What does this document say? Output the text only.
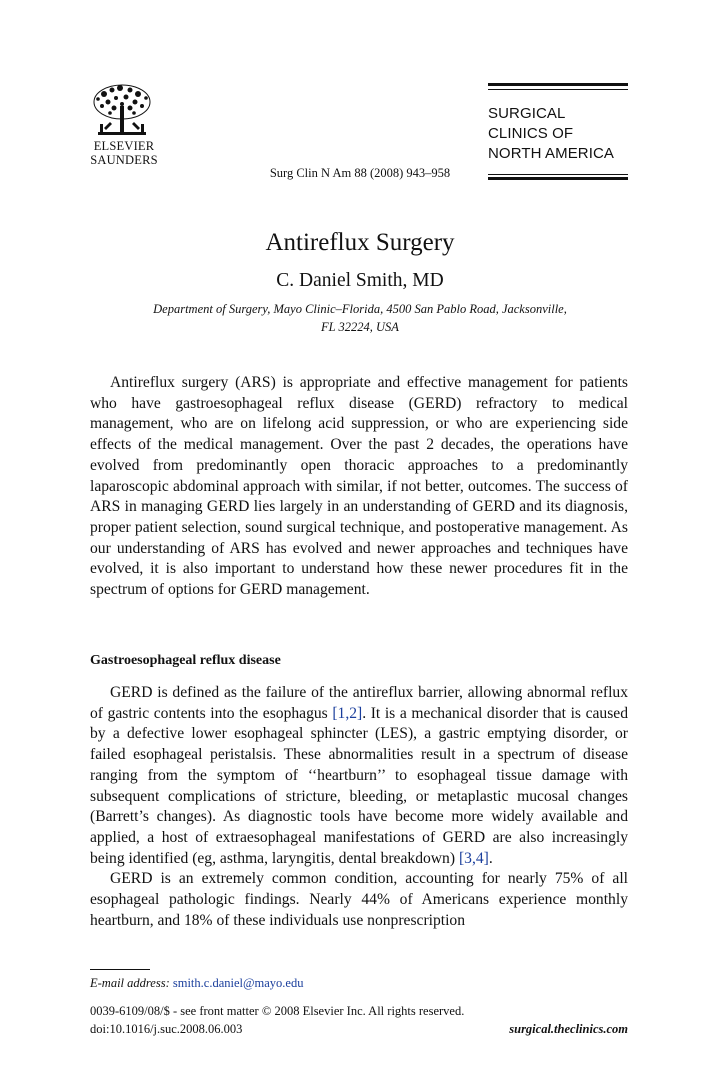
ELSEVIER
SAUNDERS
SURGICAL
CLINICS OF
NORTH AMERICA
Surg Clin N Am 88 (2008) 943–958
Antireflux Surgery
C. Daniel Smith, MD
Department of Surgery, Mayo Clinic–Florida, 4500 San Pablo Road, Jacksonville,
FL 32224, USA

Antireflux surgery (ARS) is appropriate and effective management for patients who have gastroesophageal reflux disease (GERD) refractory to medical management, who are on lifelong acid suppression, or who are experiencing side effects of the medical management. Over the past 2 decades, the operations have evolved from predominantly open thoracic approaches to a predominantly laparoscopic abdominal approach with similar, if not better, outcomes. The success of ARS in managing GERD lies largely in an understanding of GERD and its diagnosis, proper patient selection, sound surgical technique, and postoperative management. As our understanding of ARS has evolved and newer approaches and techniques have evolved, it is also important to understand how these newer procedures fit in the spectrum of options for GERD management.

Gastroesophageal reflux disease

GERD is defined as the failure of the antireflux barrier, allowing abnormal reflux of gastric contents into the esophagus [1,2]. It is a mechanical disorder that is caused by a defective lower esophageal sphincter (LES), a gastric emptying disorder, or failed esophageal peristalsis. These abnormalities result in a spectrum of disease ranging from the symptom of ‘‘heartburn’’ to esophageal tissue damage with subsequent complications of stricture, bleeding, or metaplastic mucosal changes (Barrett’s changes). As diagnostic tools have become more widely available and applied, a host of extraesophageal manifestations of GERD are also increasingly being identified (eg, asthma, laryngitis, dental breakdown) [3,4].

GERD is an extremely common condition, accounting for nearly 75% of all esophageal pathologic findings. Nearly 44% of Americans experience monthly heartburn, and 18% of these individuals use nonprescription

E-mail address: smith.c.daniel@mayo.edu
0039-6109/08/$ - see front matter © 2008 Elsevier Inc. All rights reserved.
doi:10.1016/j.suc.2008.06.003	surgical.theclinics.com
